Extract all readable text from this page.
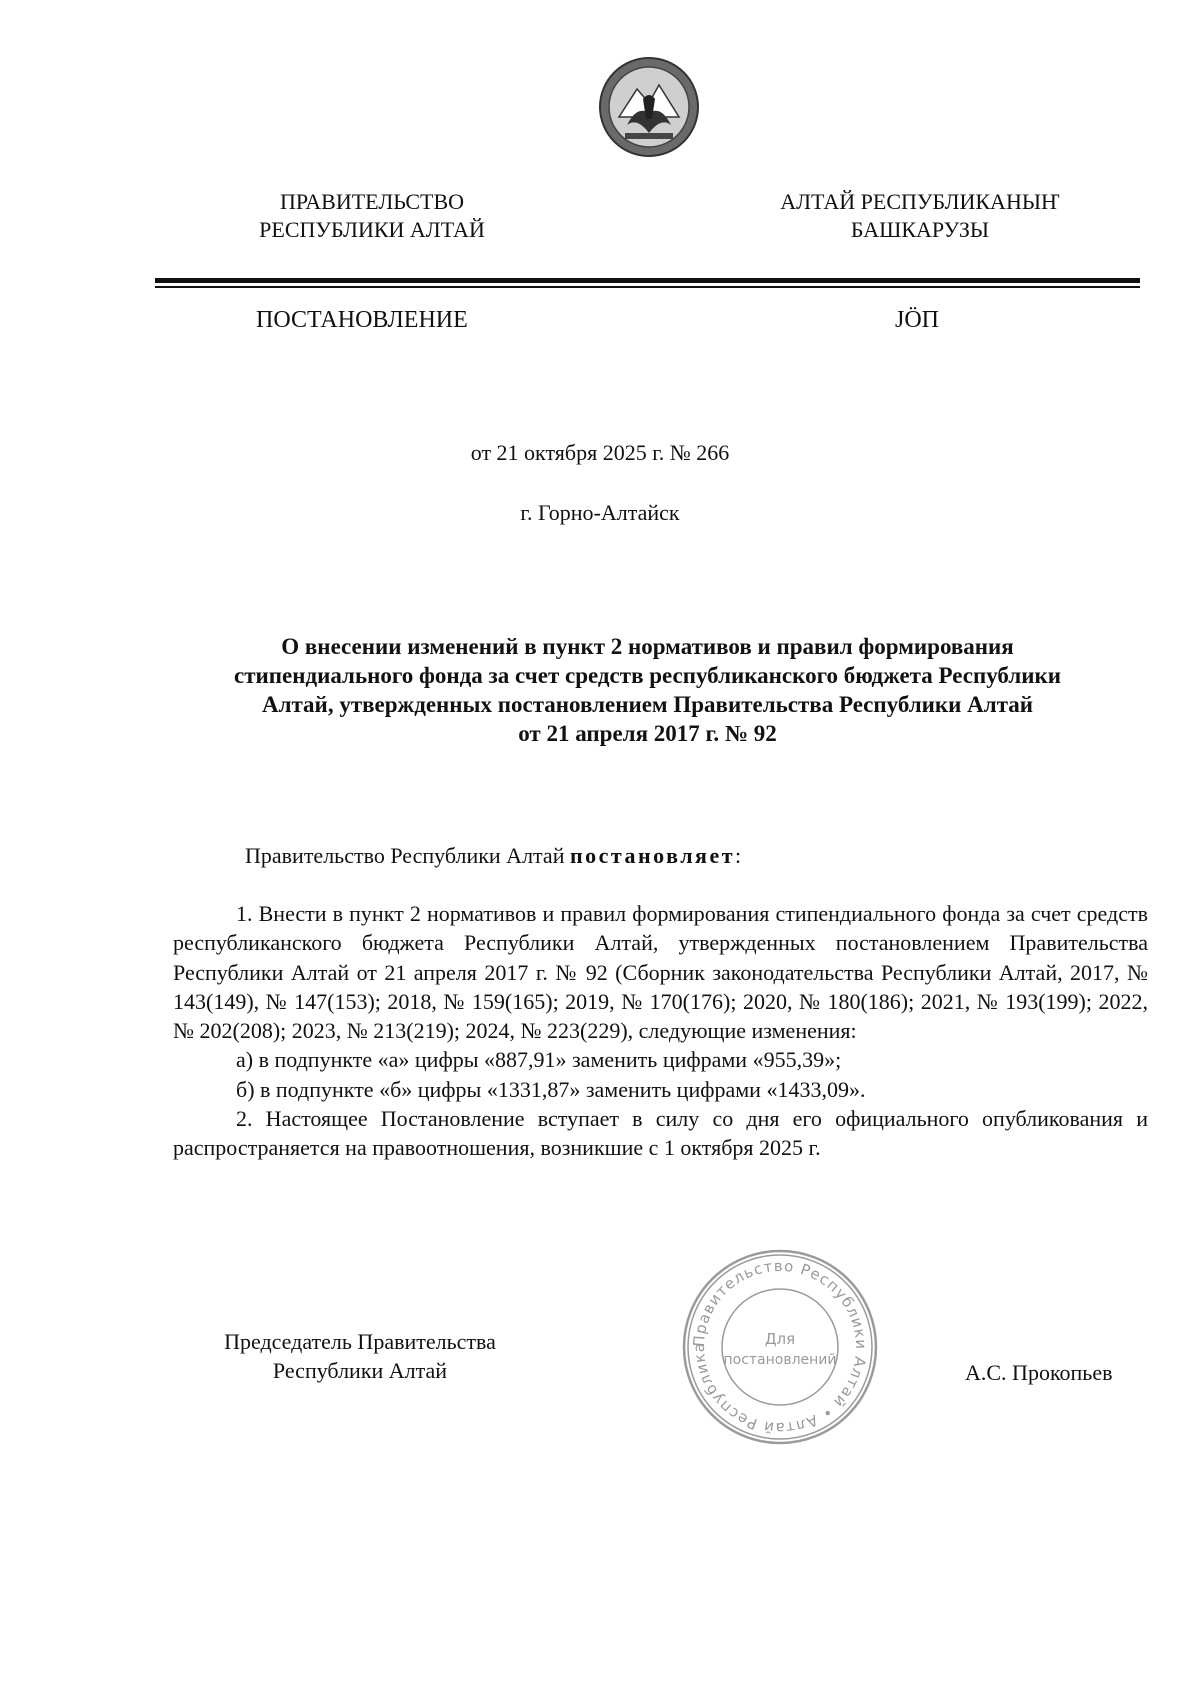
ПРАВИТЕЛЬСТВО
РЕСПУБЛИКИ АЛТАЙ
АЛТАЙ РЕСПУБЛИКАНЫҤ
БАШКАРУЗЫ
ПОСТАНОВЛЕНИЕ	JÖП
от 21 октября 2025 г. № 266
г. Горно-Алтайск
О внесении изменений в пункт 2 нормативов и правил формирования
стипендиального фонда за счет средств республиканского бюджета Республики
Алтай, утвержденных постановлением Правительства Республики Алтай
от 21 апреля 2017 г. № 92
Правительство Республики Алтай постановляет:

1. Внести в пункт 2 нормативов и правил формирования стипендиального фонда за счет средств республиканского бюджета Республики Алтай, утвержденных постановлением Правительства Республики Алтай от 21 апреля 2017 г. № 92 (Сборник законодательства Республики Алтай, 2017, № 143(149), № 147(153); 2018, № 159(165); 2019, № 170(176); 2020, № 180(186); 2021, № 193(199); 2022, № 202(208); 2023, № 213(219); 2024, № 223(229), следующие изменения:

а) в подпункте «а» цифры «887,91» заменить цифрами «955,39»;

б) в подпункте «б» цифры «1331,87» заменить цифрами «1433,09».

2. Настоящее Постановление вступает в силу со дня его официального опубликования и распространяется на правоотношения, возникшие с 1 октября 2025 г.

Председатель Правительства
Республики Алтай	А.С. Прокопьев
Правительство Республики Алтай • Алтай Республика	Для
постановлений
